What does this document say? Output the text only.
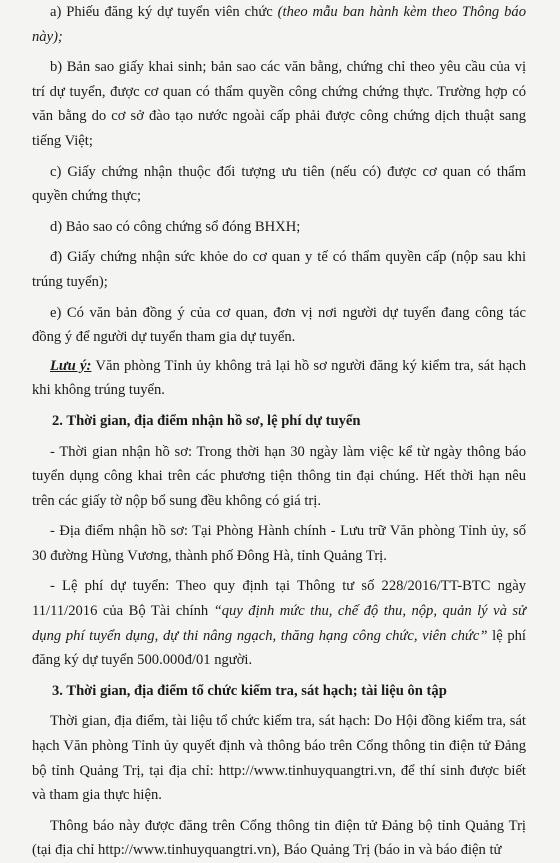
a) Phiếu đăng ký dự tuyển viên chức (theo mẫu ban hành kèm theo Thông báo này);

b) Bản sao giấy khai sinh; bản sao các văn bằng, chứng chỉ theo yêu cầu của vị trí dự tuyển, được cơ quan có thẩm quyền công chứng chứng thực. Trường hợp có văn bằng do cơ sở đào tạo nước ngoài cấp phải được công chứng dịch thuật sang tiếng Việt;

c) Giấy chứng nhận thuộc đối tượng ưu tiên (nếu có) được cơ quan có thẩm quyền chứng thực;

d) Bảo sao có công chứng sổ đóng BHXH;

đ) Giấy chứng nhận sức khỏe do cơ quan y tế có thẩm quyền cấp (nộp sau khi trúng tuyển);

e) Có văn bản đồng ý của cơ quan, đơn vị nơi người dự tuyển đang công tác đồng ý để người dự tuyển tham gia dự tuyển.

Lưu ý: Văn phòng Tỉnh ủy không trả lại hồ sơ người đăng ký kiểm tra, sát hạch khi không trúng tuyển.

2. Thời gian, địa điểm nhận hồ sơ, lệ phí dự tuyển

- Thời gian nhận hồ sơ: Trong thời hạn 30 ngày làm việc kể từ ngày thông báo tuyển dụng công khai trên các phương tiện thông tin đại chúng. Hết thời hạn nêu trên các giấy tờ nộp bổ sung đều không có giá trị.

- Địa điểm nhận hồ sơ: Tại Phòng Hành chính - Lưu trữ Văn phòng Tỉnh ủy, số 30 đường Hùng Vương, thành phố Đông Hà, tỉnh Quảng Trị.

- Lệ phí dự tuyển: Theo quy định tại Thông tư số 228/2016/TT-BTC ngày 11/11/2016 của Bộ Tài chính “quy định mức thu, chế độ thu, nộp, quản lý và sử dụng phí tuyển dụng, dự thi nâng ngạch, thăng hạng công chức, viên chức” lệ phí đăng ký dự tuyển 500.000đ/01 người.

3. Thời gian, địa điểm tổ chức kiểm tra, sát hạch; tài liệu ôn tập

Thời gian, địa điểm, tài liệu tổ chức kiểm tra, sát hạch: Do Hội đồng kiểm tra, sát hạch Văn phòng Tỉnh ủy quyết định và thông báo trên Cổng thông tin điện tử Đảng bộ tỉnh Quảng Trị, tại địa chỉ: http://www.tinhuyquangtri.vn, để thí sinh được biết và tham gia thực hiện.

Thông báo này được đăng trên Cổng thông tin điện tử Đảng bộ tỉnh Quảng Trị (tại địa chỉ http://www.tinhuyquangtri.vn), Báo Quảng Trị (báo in và báo điện tử
